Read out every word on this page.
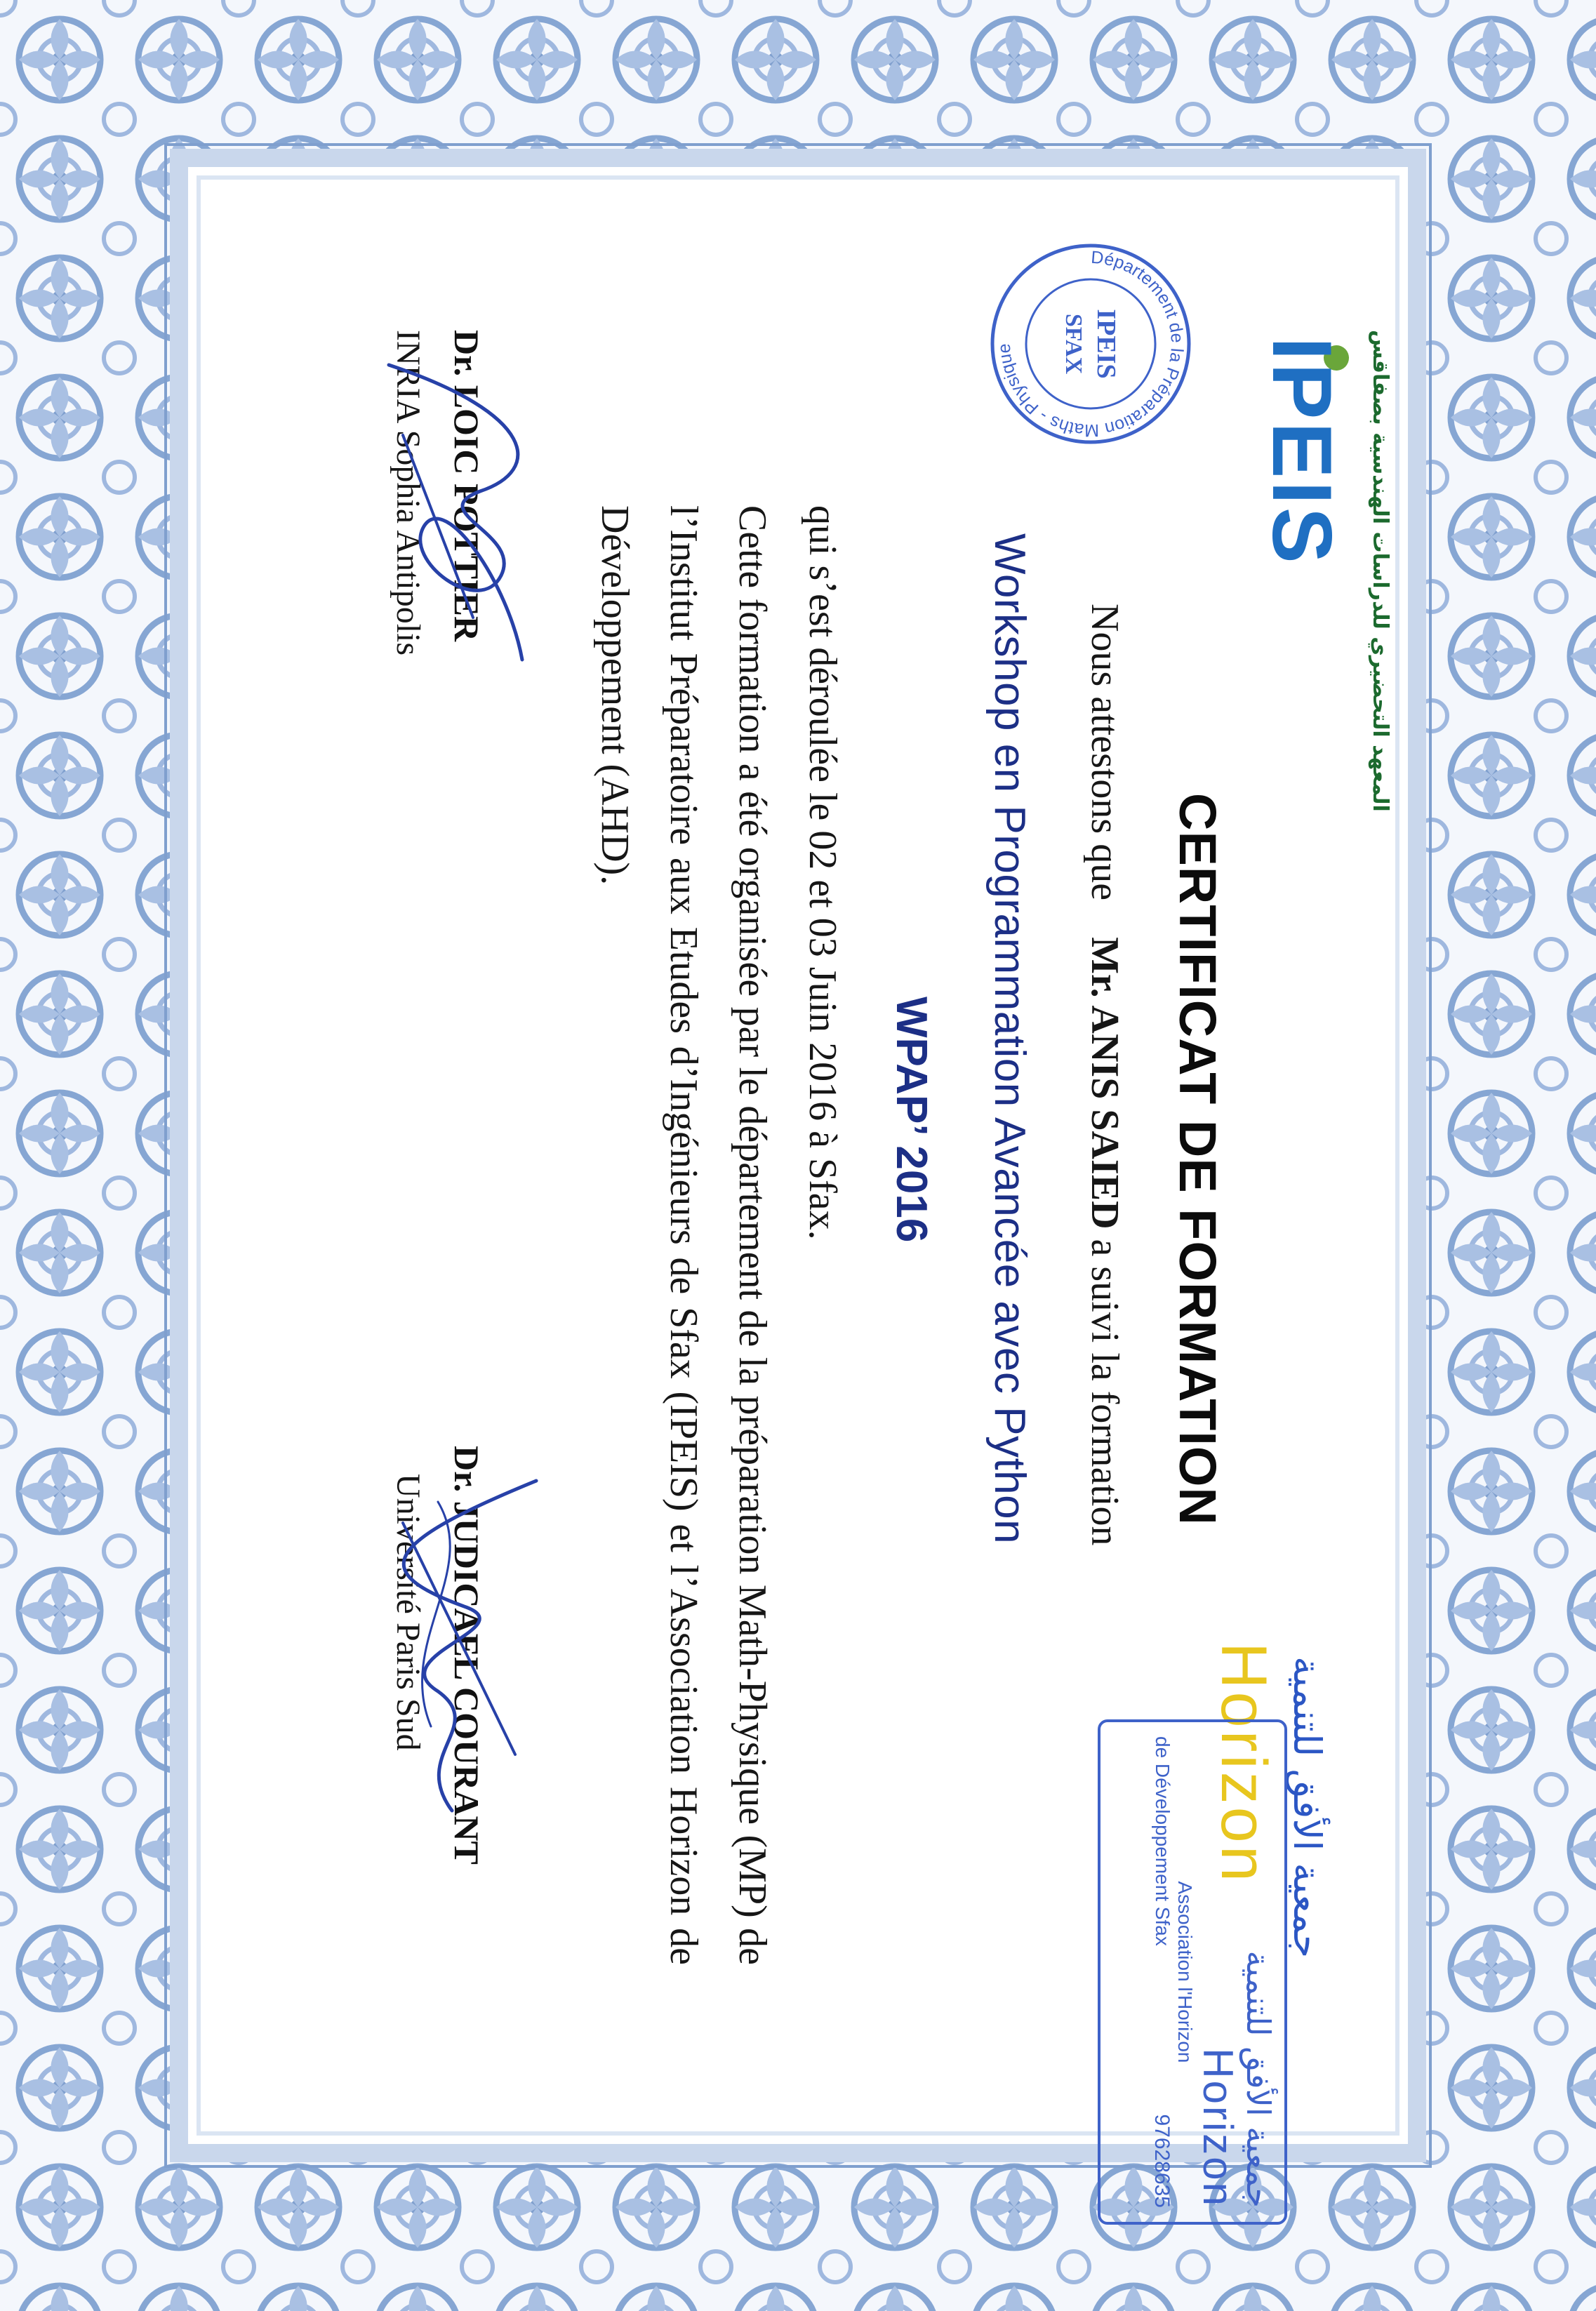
المعهد التحضيري للدراسات الهندسية بصفاقس
IPEIS
Département de la Préparation Maths - Physique	IPEIS
SFAX
جمعية الأفق للتنمية
Horizon
جمعية الأفق للتنمية
Horizon
Association l'Horizon
de Développement Sfax
97628635
CERTIFICAT DE FORMATION
Nous attestons que  Mr. ANIS SAIED a suivi la formation
Workshop en Programmation Avancée avec Python
WPAP’ 2016
qui s’est déroulée le 02 et 03 Juin 2016 à Sfax.
Cette formation a été organisée par le département de la préparation Math-Physique (MP) de
l’Institut Préparatoire aux Etudes d’Ingénieurs de Sfax (IPEIS) et l’Association Horizon de
Développement (AHD).
Dr. LOIC POTTIER
INRIA Sophia Antipolis
Dr. JUDICAEL COURANT
Université Paris Sud
